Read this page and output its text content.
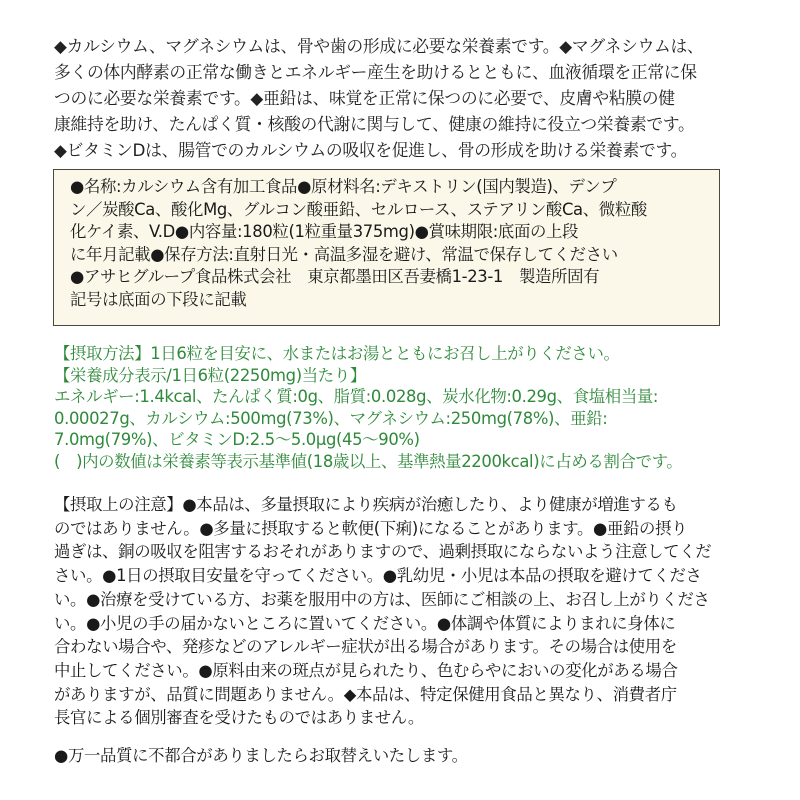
◆カルシウム、マグネシウムは、骨や歯の形成に必要な栄養素です。◆マグネシウムは、

多くの体内酵素の正常な働きとエネルギー産生を助けるとともに、血液循環を正常に保

つのに必要な栄養素です。◆亜鉛は、味覚を正常に保つのに必要で、皮膚や粘膜の健

康維持を助け、たんぱく質・核酸の代謝に関与して、健康の維持に役立つ栄養素です。

◆ビタミンDは、腸管でのカルシウムの吸収を促進し、骨の形成を助ける栄養素です。

●名称:カルシウム含有加工食品●原材料名:デキストリン(国内製造)、デンプ

ン／炭酸Ca、酸化Mg、グルコン酸亜鉛、セルロース、ステアリン酸Ca、微粒酸

化ケイ素、V.D●内容量:180粒(1粒重量375mg)●賞味期限:底面の上段

に年月記載●保存方法:直射日光・高温多湿を避け、常温で保存してください

●アサヒグループ食品株式会社　東京都墨田区吾妻橋1-23-1　製造所固有

記号は底面の下段に記載

【摂取方法】1日6粒を目安に、水またはお湯とともにお召し上がりください。

【栄養成分表示/1日6粒(2250mg)当たり】

エネルギー:1.4kcal、たんぱく質:0g、脂質:0.028g、炭水化物:0.29g、食塩相当量:

0.00027g、カルシウム:500mg(73%)、マグネシウム:250mg(78%)、亜鉛:

7.0mg(79%)、ビタミンD:2.5～5.0μg(45～90%)

(　)内の数値は栄養素等表示基準値(18歳以上、基準熱量2200kcal)に占める割合です。

【摂取上の注意】●本品は、多量摂取により疾病が治癒したり、より健康が増進するも

のではありません。●多量に摂取すると軟便(下痢)になることがあります。●亜鉛の摂り

過ぎは、銅の吸収を阻害するおそれがありますので、過剰摂取にならないよう注意してくだ

さい。●1日の摂取目安量を守ってください。●乳幼児・小児は本品の摂取を避けてくださ

い。●治療を受けている方、お薬を服用中の方は、医師にご相談の上、お召し上がりくださ

い。●小児の手の届かないところに置いてください。●体調や体質によりまれに身体に

合わない場合や、発疹などのアレルギー症状が出る場合があります。その場合は使用を

中止してください。●原料由来の斑点が見られたり、色むらやにおいの変化がある場合

がありますが、品質に問題ありません。◆本品は、特定保健用食品と異なり、消費者庁

長官による個別審査を受けたものではありません。

●万一品質に不都合がありましたらお取替えいたします。
